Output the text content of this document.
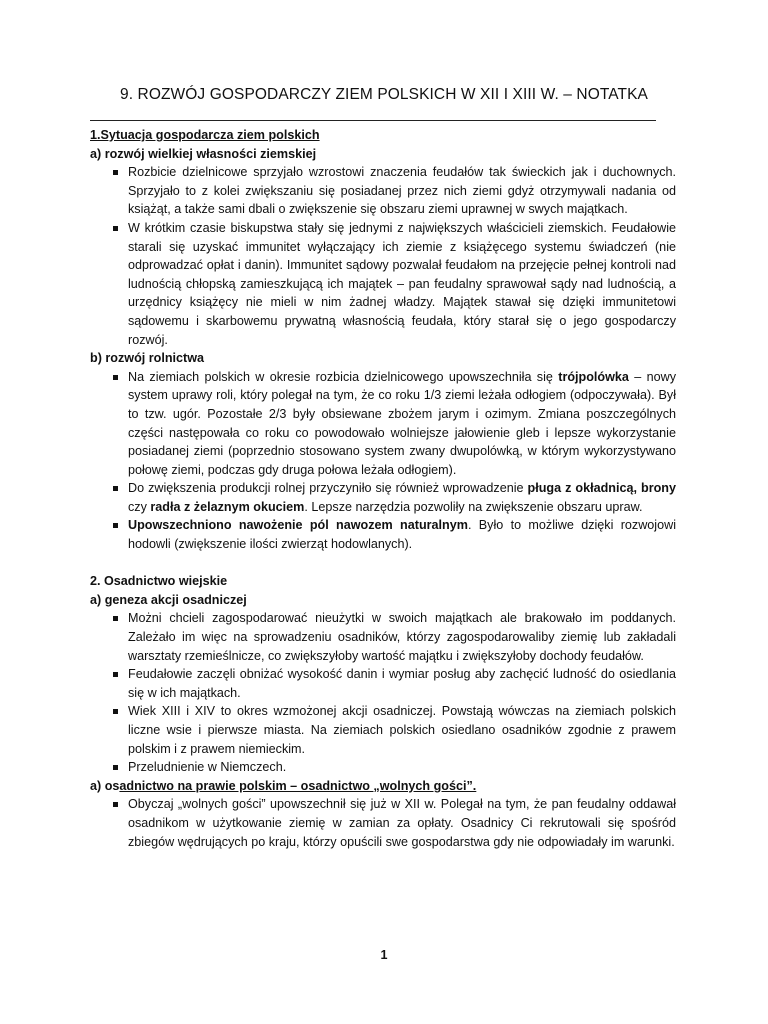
9. ROZWÓJ GOSPODARCZY ZIEM POLSKICH W XII I XIII W. – NOTATKA
1.Sytuacja gospodarcza ziem polskich
a) rozwój wielkiej własności ziemskiej
Rozbicie dzielnicowe sprzyjało wzrostowi znaczenia feudałów tak świeckich jak i duchownych. Sprzyjało to z kolei zwiększaniu się posiadanej przez nich ziemi gdyż otrzymywali nadania od książąt, a także sami dbali o zwiększenie się obszaru ziemi uprawnej w swych majątkach.
W krótkim czasie biskupstwa stały się jednymi z największych właścicieli ziemskich. Feudałowie starali się uzyskać immunitet wyłączający ich ziemie z książęcego systemu świadczeń (nie odprowadzać opłat i danin). Immunitet sądowy pozwalał feudałom na przejęcie pełnej kontroli nad ludnością chłopską zamieszkującą ich majątek – pan feudalny sprawował sądy nad ludnością, a urzędnicy książęcy nie mieli w nim żadnej władzy. Majątek stawał się dzięki immunitetowi sądowemu i skarbowemu prywatną własnością feudała, który starał się o jego gospodarczy rozwój.
b) rozwój rolnictwa
Na ziemiach polskich w okresie rozbicia dzielnicowego upowszechniła się trójpolówka – nowy system uprawy roli, który polegał na tym, że co roku 1/3 ziemi leżała odłogiem (odpoczywała). Był to tzw. ugór. Pozostałe 2/3 były obsiewane zbożem jarym i ozimym. Zmiana poszczególnych części następowała co roku co powodowało wolniejsze jałowienie gleb i lepsze wykorzystanie posiadanej ziemi (poprzednio stosowano system zwany dwupolówką, w którym wykorzystywano połowę ziemi, podczas gdy druga połowa leżała odłogiem).
Do zwiększenia produkcji rolnej przyczyniło się również wprowadzenie pługa z okładnicą, brony czy radła z żelaznym okuciem. Lepsze narzędzia pozwoliły na zwiększenie obszaru upraw.
Upowszechniono nawożenie pól nawozem naturalnym. Było to możliwe dzięki rozwojowi hodowli (zwiększenie ilości zwierząt hodowlanych).
2. Osadnictwo wiejskie
a) geneza akcji osadniczej
Możni chcieli zagospodarować nieużytki w swoich majątkach ale brakowało im poddanych. Zależało im więc na sprowadzeniu osadników, którzy zagospodarowaliby ziemię lub zakładali warsztaty rzemieślnicze, co zwiększyłoby wartość majątku i zwiększyłoby dochody feudałów.
Feudałowie zaczęli obniżać wysokość danin i wymiar posług aby zachęcić ludność do osiedlania się w ich majątkach.
Wiek XIII i XIV to okres wzmożonej akcji osadniczej. Powstają wówczas na ziemiach polskich liczne wsie i pierwsze miasta. Na ziemiach polskich osiedlano osadników zgodnie z prawem polskim i z prawem niemieckim.
Przeludnienie w Niemczech.
a) osadnictwo na prawie polskim – osadnictwo „wolnych gości”.
Obyczaj „wolnych gości” upowszechnił się już w XII w. Polegał na tym, że pan feudalny oddawał osadnikom w użytkowanie ziemię w zamian za opłaty. Osadnicy Ci rekrutowali się spośród zbiegów wędrujących po kraju, którzy opuścili swe gospodarstwa gdy nie odpowiadały im warunki.
1
